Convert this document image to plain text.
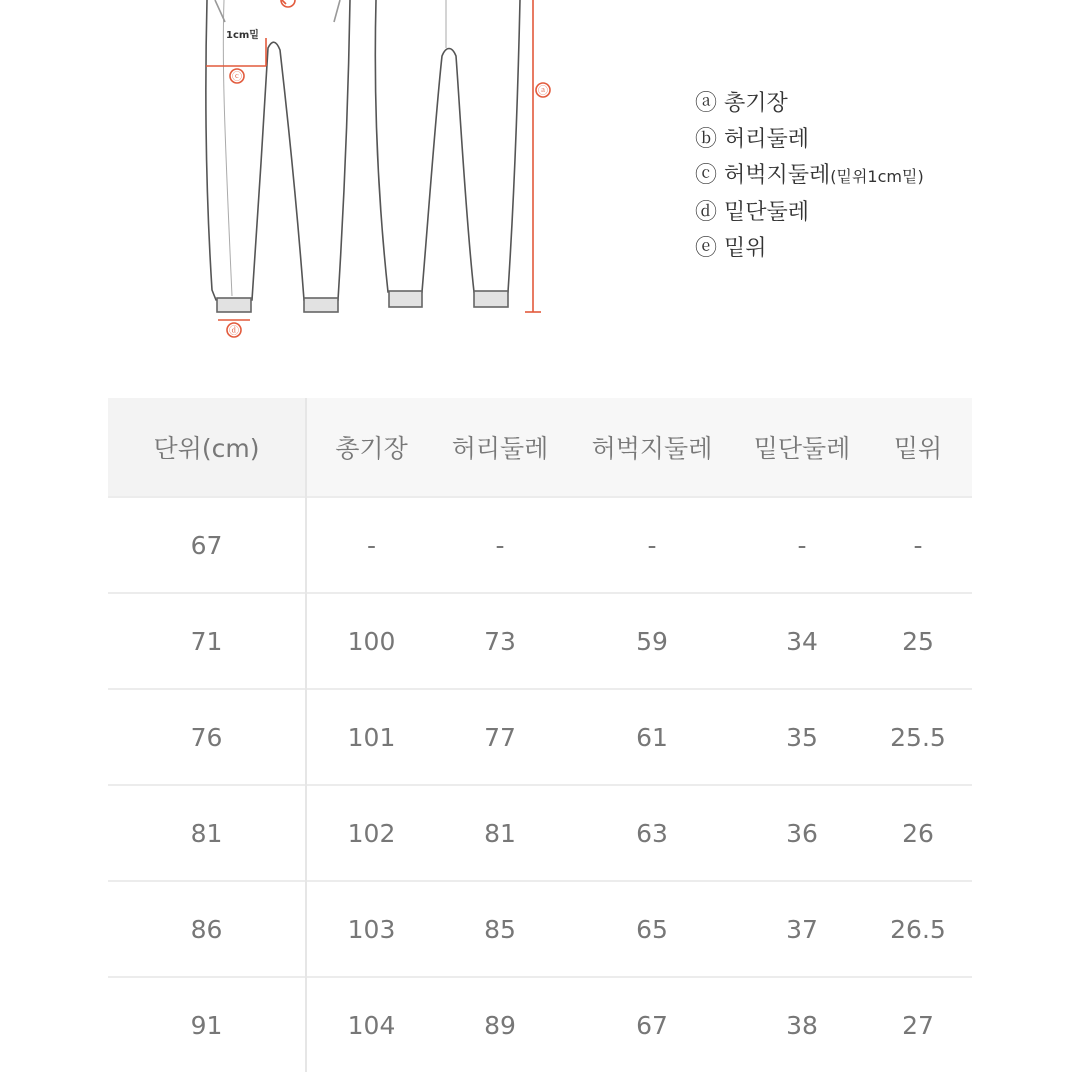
ⓒ
ⓓ
ⓐ
1cm밑
ⓐ 총기장
ⓑ 허리둘레
ⓒ 허벅지둘레(밑위1cm밑)
ⓓ 밑단둘레
ⓔ 밑위
단위(cm)	총기장	허리둘레	허벅지둘레	밑단둘레	밑위
67	-	-	-	-	-
71	100	73	59	34	25
76	101	77	61	35	25.5
81	102	81	63	36	26
86	103	85	65	37	26.5
91	104	89	67	38	27
